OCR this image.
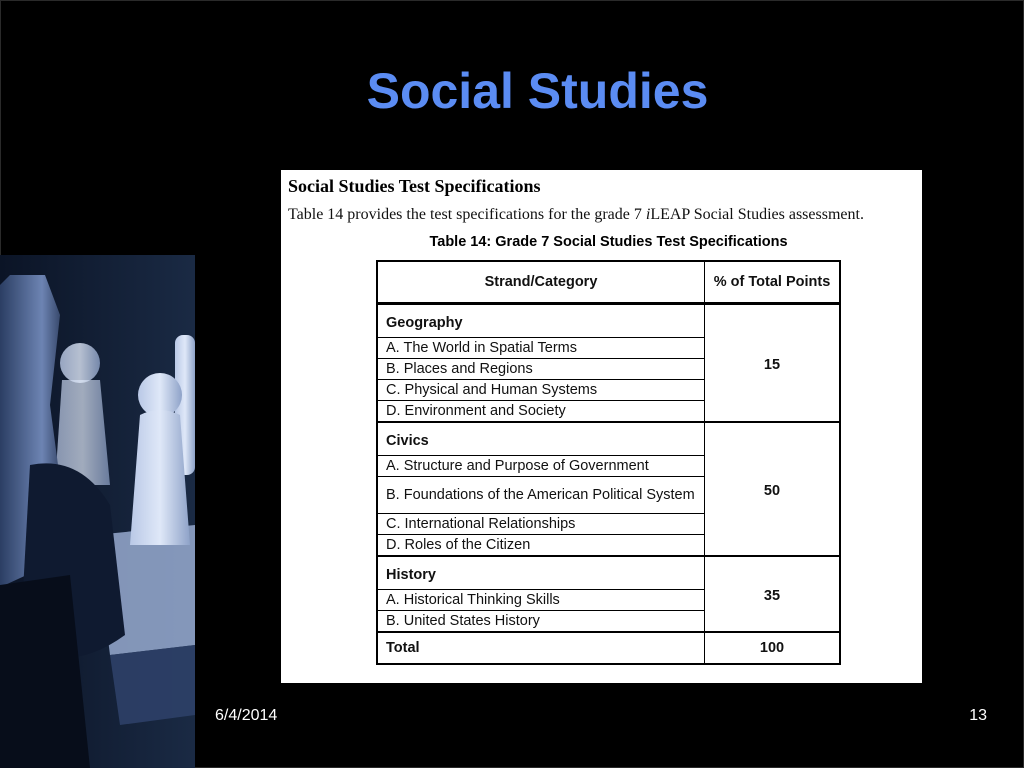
Social Studies
Social Studies Test Specifications
Table 14 provides the test specifications for the grade 7 iLEAP Social Studies assessment.
Table 14: Grade 7 Social Studies Test Specifications
Strand/Category	% of Total Points
Geography	15
A. The World in Spatial Terms	
B. Places and Regions	
C. Physical and Human Systems	
D. Environment and Society	
Civics	50
A. Structure and Purpose of Government	
B. Foundations of the American Political System	
C. International Relationships	
D. Roles of the Citizen	
History	35
A. Historical Thinking Skills	
B. United States History	
Total	100
6/4/2014	13
